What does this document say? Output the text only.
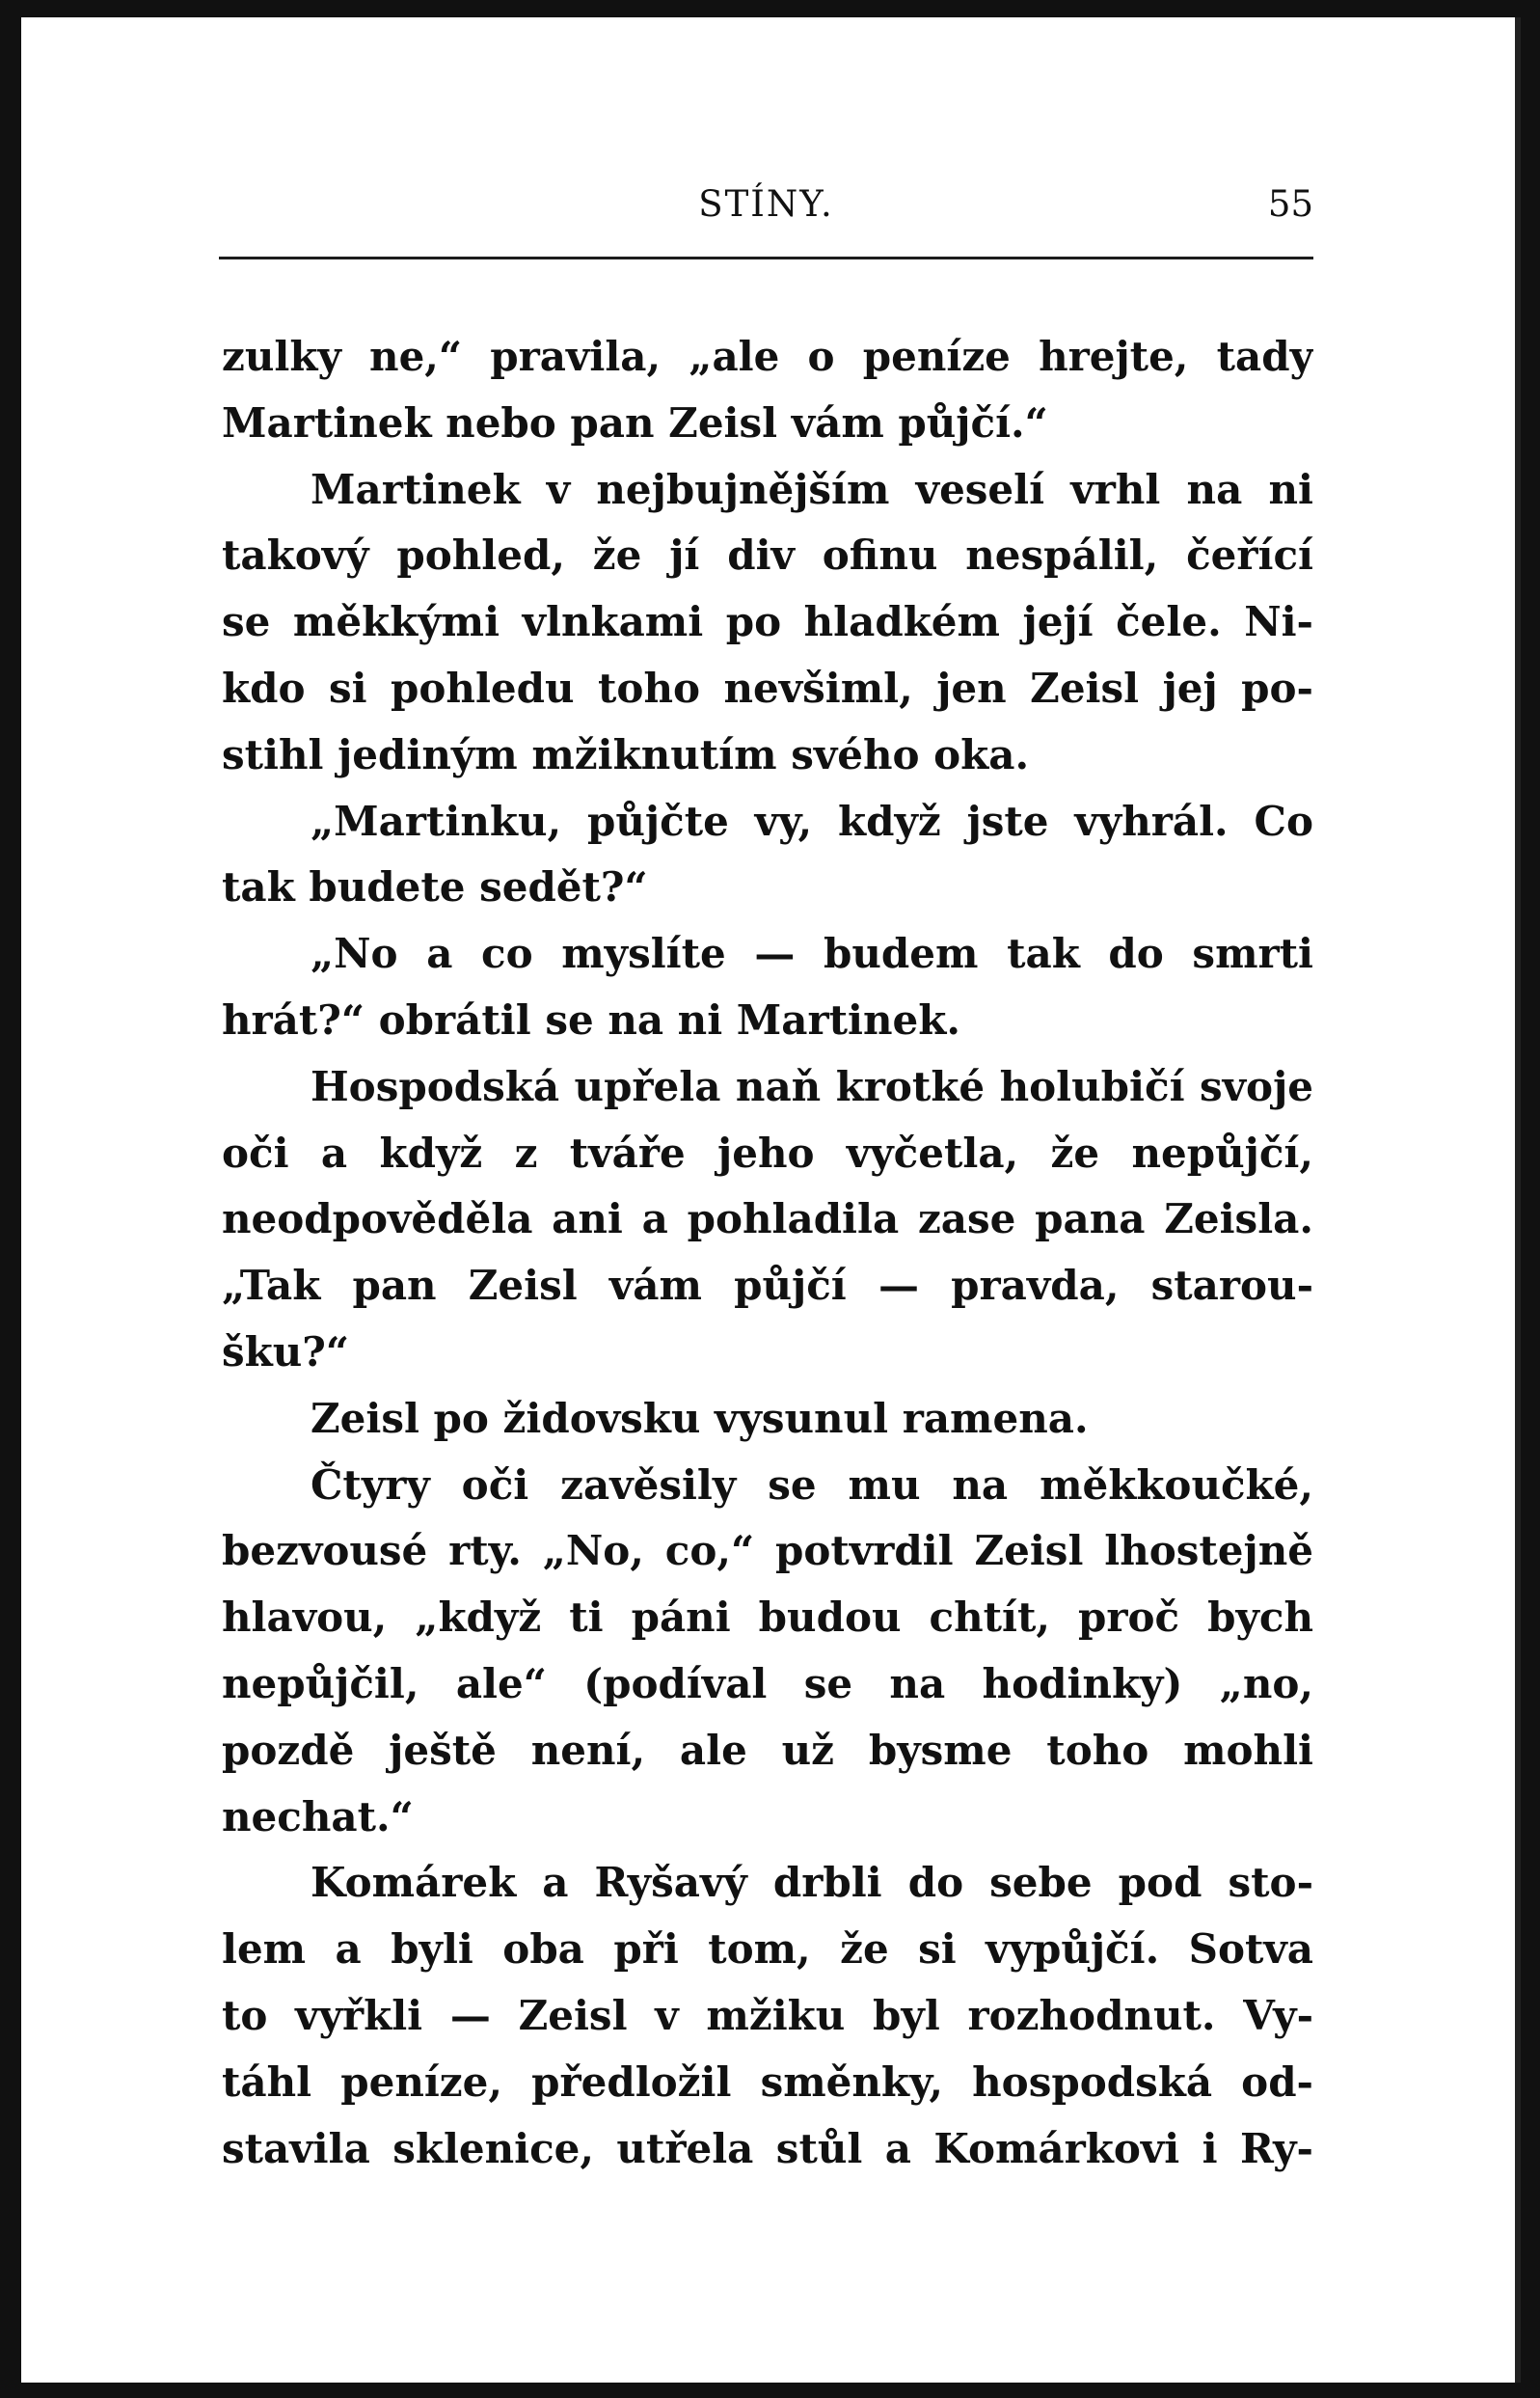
STÍNY.	55
zulky ne,“ pravila, „ale o peníze hrejte, tady
Martinek nebo pan Zeisl vám půjčí.“
Martinek v nejbujnějším veselí vrhl na ni
takový pohled, že jí div ofinu nespálil, čeřící
se měkkými vlnkami po hladkém její čele. Ni-
kdo si pohledu toho nevšiml, jen Zeisl jej po-
stihl jediným mžiknutím svého oka.
„Martinku, půjčte vy, když jste vyhrál. Co
tak budete sedět?“
„No a co myslíte — budem tak do smrti
hrát?“ obrátil se na ni Martinek.
Hospodská upřela naň krotké holubičí svoje
oči a když z tváře jeho vyčetla, že nepůjčí,
neodpověděla ani a pohladila zase pana Zeisla.
„Tak pan Zeisl vám půjčí — pravda, starou-
šku?“
Zeisl po židovsku vysunul ramena.
Čtyry oči zavěsily se mu na měkkoučké,
bezvousé rty. „No, co,“ potvrdil Zeisl lhostejně
hlavou, „když ti páni budou chtít, proč bych
nepůjčil, ale“ (podíval se na hodinky) „no,
pozdě ještě není, ale už bysme toho mohli
nechat.“
Komárek a Ryšavý drbli do sebe pod sto-
lem a byli oba při tom, že si vypůjčí. Sotva
to vyřkli — Zeisl v mžiku byl rozhodnut. Vy-
táhl peníze, předložil směnky, hospodská od-
stavila sklenice, utřela stůl a Komárkovi i Ry-
